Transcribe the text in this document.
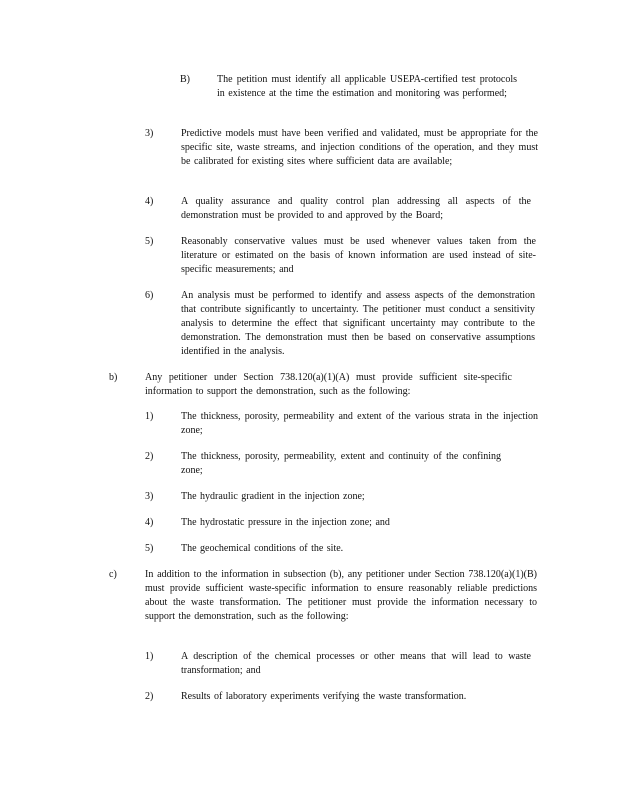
B)	The petition must identify all applicable USEPA-certified test protocols in existence at the time the estimation and monitoring was performed;
3)	Predictive models must have been verified and validated, must be appropriate for the specific site, waste streams, and injection conditions of the operation, and they must be calibrated for existing sites where sufficient data are available;
4)	A quality assurance and quality control plan addressing all aspects of the demonstration must be provided to and approved by the Board;
5)	Reasonably conservative values must be used whenever values taken from the literature or estimated on the basis of known information are used instead of site-specific measurements; and
6)	An analysis must be performed to identify and assess aspects of the demonstration that contribute significantly to uncertainty. The petitioner must conduct a sensitivity analysis to determine the effect that significant uncertainty may contribute to the demonstration. The demonstration must then be based on conservative assumptions identified in the analysis.
b)	Any petitioner under Section 738.120(a)(1)(A) must provide sufficient site-specific information to support the demonstration, such as the following:
1)	The thickness, porosity, permeability and extent of the various strata in the injection zone;
2)	The thickness, porosity, permeability, extent and continuity of the confining zone;
3)	The hydraulic gradient in the injection zone;
4)	The hydrostatic pressure in the injection zone; and
5)	The geochemical conditions of the site.
c)	In addition to the information in subsection (b), any petitioner under Section 738.120(a)(1)(B) must provide sufficient waste-specific information to ensure reasonably reliable predictions about the waste transformation. The petitioner must provide the information necessary to support the demonstration, such as the following:
1)	A description of the chemical processes or other means that will lead to waste transformation; and
2)	Results of laboratory experiments verifying the waste transformation.
